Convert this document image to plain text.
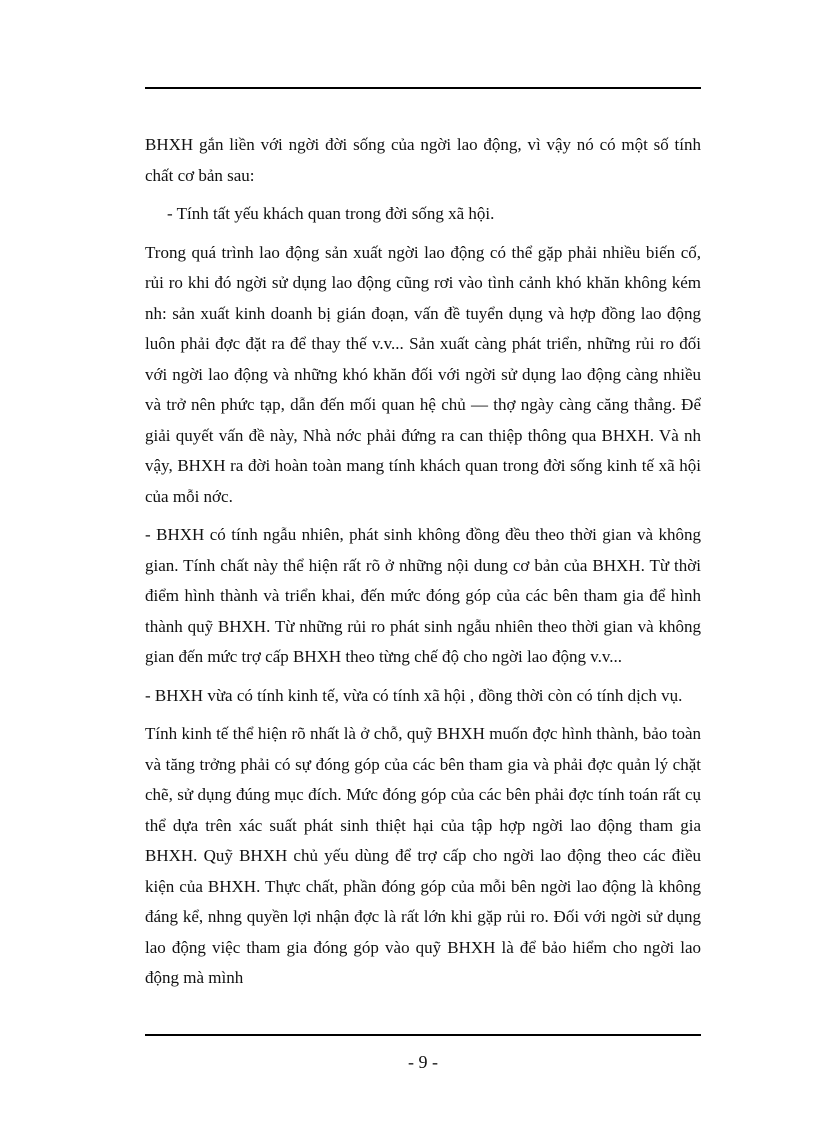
BHXH gắn liền với ngời đời sống của ngời lao động, vì vậy nó có một số tính chất cơ bản sau:

- Tính tất yếu khách quan trong đời sống xã hội.

Trong quá trình lao động sản xuất ngời lao động có thể gặp phải nhiều biến cố, rủi ro khi đó ngời sử dụng lao động cũng rơi vào tình cảnh khó khăn không kém nh: sản xuất kinh doanh bị gián đoạn, vấn đề tuyển dụng và hợp đồng lao động luôn phải đợc đặt ra để thay thế v.v... Sản xuất càng phát triển, những rủi ro đối với ngời lao động và những khó khăn đối với ngời sử dụng lao động càng nhiều và trở nên phức tạp, dẫn đến mối quan hệ chủ — thợ ngày càng căng thẳng. Để giải quyết vấn đề này, Nhà nớc phải đứng ra can thiệp thông qua BHXH. Và nh vậy, BHXH ra đời hoàn toàn mang tính khách quan trong đời sống kinh tế xã hội của mỗi nớc.

- BHXH có tính ngẫu nhiên, phát sinh không đồng đều theo thời gian và không gian. Tính chất này thể hiện rất rõ ở những nội dung cơ bản của BHXH. Từ thời điểm hình thành và triển khai, đến mức đóng góp của các bên tham gia để hình thành quỹ BHXH. Từ những rủi ro phát sinh ngẫu nhiên theo thời gian và không gian đến mức trợ cấp BHXH theo từng chế độ cho ngời lao động v.v...

- BHXH vừa có tính kinh tế, vừa có tính xã hội , đồng thời còn có tính dịch vụ.

Tính kinh tế thể hiện rõ nhất là ở chỗ, quỹ BHXH muốn đợc hình thành, bảo toàn và tăng trởng phải có sự đóng góp của các bên tham gia và phải đợc quản lý chặt chẽ, sử dụng đúng mục đích. Mức đóng góp của các bên phải đợc tính toán rất cụ thể dựa trên xác suất phát sinh thiệt hại của tập hợp ngời lao động tham gia BHXH. Quỹ BHXH chủ yếu dùng để trợ cấp cho ngời lao động theo các điều kiện của BHXH. Thực chất, phần đóng góp của mỗi bên ngời lao động là không đáng kể, nhng quyền lợi nhận đợc là rất lớn khi gặp rủi ro. Đối với ngời sử dụng lao động việc tham gia đóng góp vào quỹ BHXH là để bảo hiểm cho ngời lao động mà mình

- 9 -
